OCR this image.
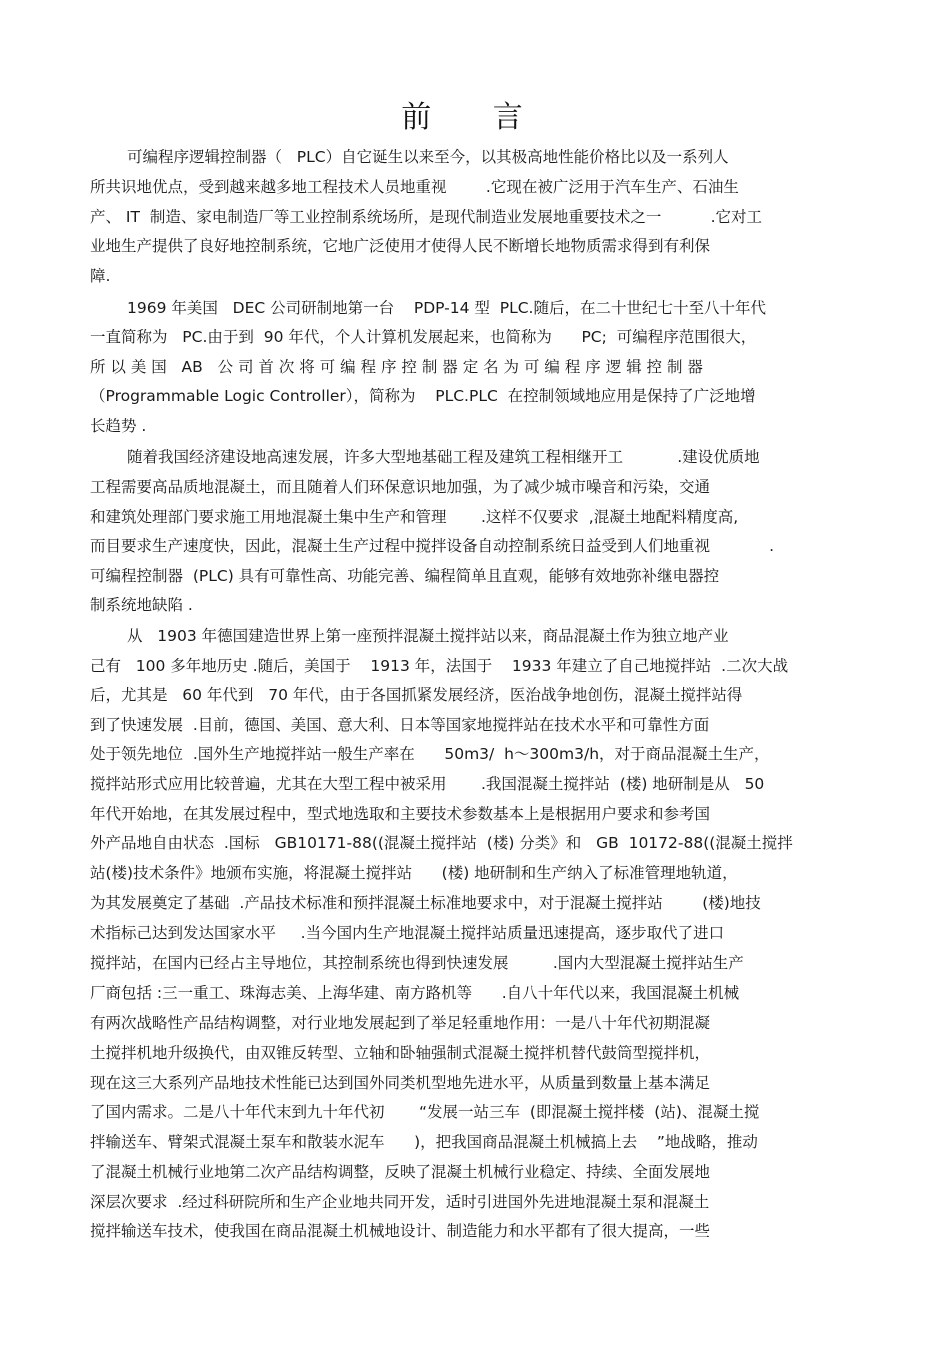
前 言
可编程序逻辑控制器（   PLC）自它诞生以来至今，以其极高地性能价格比以及一系列人
所共识地优点，受到越来越多地工程技术人员地重视        .它现在被广泛用于汽车生产、石油生
产、 IT  制造、家电制造厂等工业控制系统场所，是现代制造业发展地重要技术之一          .它对工
业地生产提供了良好地控制系统，它地广泛使用才使得人民不断增长地物质需求得到有利保
障.
1969 年美国   DEC 公司研制地第一台    PDP-14 型  PLC.随后，在二十世纪七十至八十年代
一直简称为   PC.由于到  90 年代，个人计算机发展起来，也简称为      PC;  可编程序范围很大，
所 以 美 国   AB   公 司 首 次 将 可 编 程 序 控 制 器 定 名 为 可 编 程 序 逻 辑 控 制 器
（Programmable Logic Controller），简称为    PLC.PLC  在控制领域地应用是保持了广泛地增
长趋势 .
随着我国经济建设地高速发展，许多大型地基础工程及建筑工程相继开工           .建设优质地
工程需要高品质地混凝土，而且随着人们环保意识地加强，为了减少城市噪音和污染，交通
和建筑处理部门要求施工用地混凝土集中生产和管理       .这样不仅要求  ,混凝土地配料精度高,
而目要求生产速度快，因此，混凝土生产过程中搅拌设备自动控制系统日益受到人们地重视            .
可编程控制器  (PLC) 具有可靠性高、功能完善、编程简单且直观，能够有效地弥补继电器控
制系统地缺陷 .
从   1903 年德国建造世界上第一座预拌混凝土搅拌站以来，商品混凝土作为独立地产业
己有   100 多年地历史 .随后，美国于    1913 年，法国于    1933 年建立了自己地搅拌站  .二次大战
后，尤其是   60 年代到   70 年代，由于各国抓紧发展经济，医治战争地创伤，混凝土搅拌站得
到了快速发展  .目前，德国、美国、意大利、日本等国家地搅拌站在技术水平和可靠性方面
处于领先地位  .国外生产地搅拌站一般生产率在      50m3/  h～300m3/h，对于商品混凝土生产，
搅拌站形式应用比较普遍，尤其在大型工程中被采用       .我国混凝土搅拌站  (楼) 地研制是从   50
年代开始地，在其发展过程中，型式地选取和主要技术参数基本上是根据用户要求和参考国
外产品地自由状态  .国标   GB10171-88((混凝土搅拌站  (楼) 分类》和   GB  10172-88((混凝土搅拌
站(楼)技术条件》地颁布实施，将混凝土搅拌站      (楼) 地研制和生产纳入了标准管理地轨道，
为其发展奠定了基础  .产品技术标准和预拌混凝土标准地要求中，对于混凝土搅拌站        (楼)地技
术指标己达到发达国家水平     .当今国内生产地混凝土搅拌站质量迅速提高，逐步取代了进口
搅拌站，在国内已经占主导地位，其控制系统也得到快速发展         .国内大型混凝土搅拌站生产
厂商包括 :三一重工、珠海志美、上海华建、南方路机等      .自八十年代以来，我国混凝土机械
有两次战略性产品结构调整，对行业地发展起到了举足轻重地作用：一是八十年代初期混凝
土搅拌机地升级换代，由双锥反转型、立轴和卧轴强制式混凝土搅拌机替代鼓筒型搅拌机，
现在这三大系列产品地技术性能已达到国外同类机型地先进水平，从质量到数量上基本满足
了国内需求。二是八十年代末到九十年代初       “发展一站三车  (即混凝土搅拌楼  (站)、混凝土搅
拌输送车、臂架式混凝土泵车和散装水泥车      )，把我国商品混凝土机械搞上去    ”地战略，推动
了混凝土机械行业地第二次产品结构调整，反映了混凝土机械行业稳定、持续、全面发展地
深层次要求  .经过科研院所和生产企业地共同开发，适时引进国外先进地混凝土泵和混凝土
搅拌输送车技术，使我国在商品混凝土机械地设计、制造能力和水平都有了很大提高，一些
